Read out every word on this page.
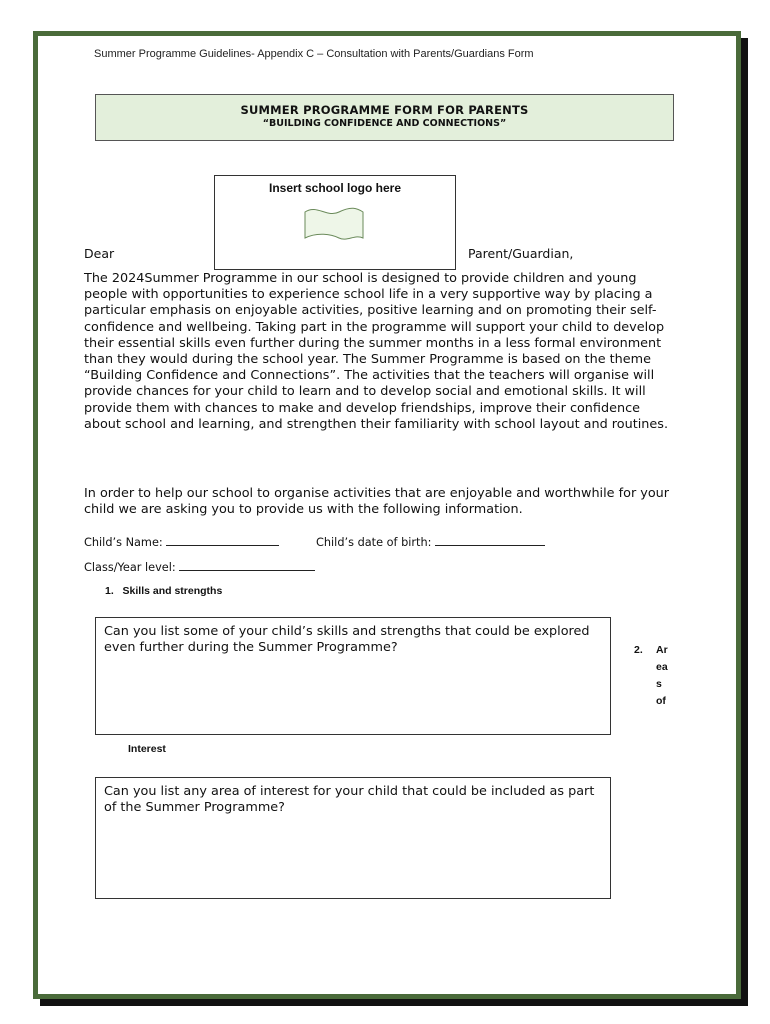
Summer Programme Guidelines- Appendix C – Consultation with Parents/Guardians Form
SUMMER PROGRAMME FORM FOR PARENTS
“BUILDING CONFIDENCE AND CONNECTIONS”
Insert school logo here
Dear	Parent/Guardian,

The 2024Summer Programme in our school is designed to provide children and young people with opportunities to experience school life in a very supportive way by placing a particular emphasis on enjoyable activities, positive learning and on promoting their self-confidence and wellbeing. Taking part in the programme will support your child to develop their essential skills even further during the summer months in a less formal environment than they would during the school year. The Summer Programme is based on the theme “Building Confidence and Connections”. The activities that the teachers will organise will provide chances for your child to learn and to develop social and emotional skills. It will provide them with chances to make and develop friendships, improve their confidence about school and learning, and strengthen their familiarity with school layout and routines.

In order to help our school to organise activities that are enjoyable and worthwhile for your child we are asking you to provide us with the following information.

Child’s Name:	Child’s date of birth:
Class/Year level:
1. Skills and strengths
Can you list some of your child’s skills and strengths that could be explored even further during the Summer Programme?	2. Ar
ea
s
of
Interest
Can you list any area of interest for your child that could be included as part of the Summer Programme?
